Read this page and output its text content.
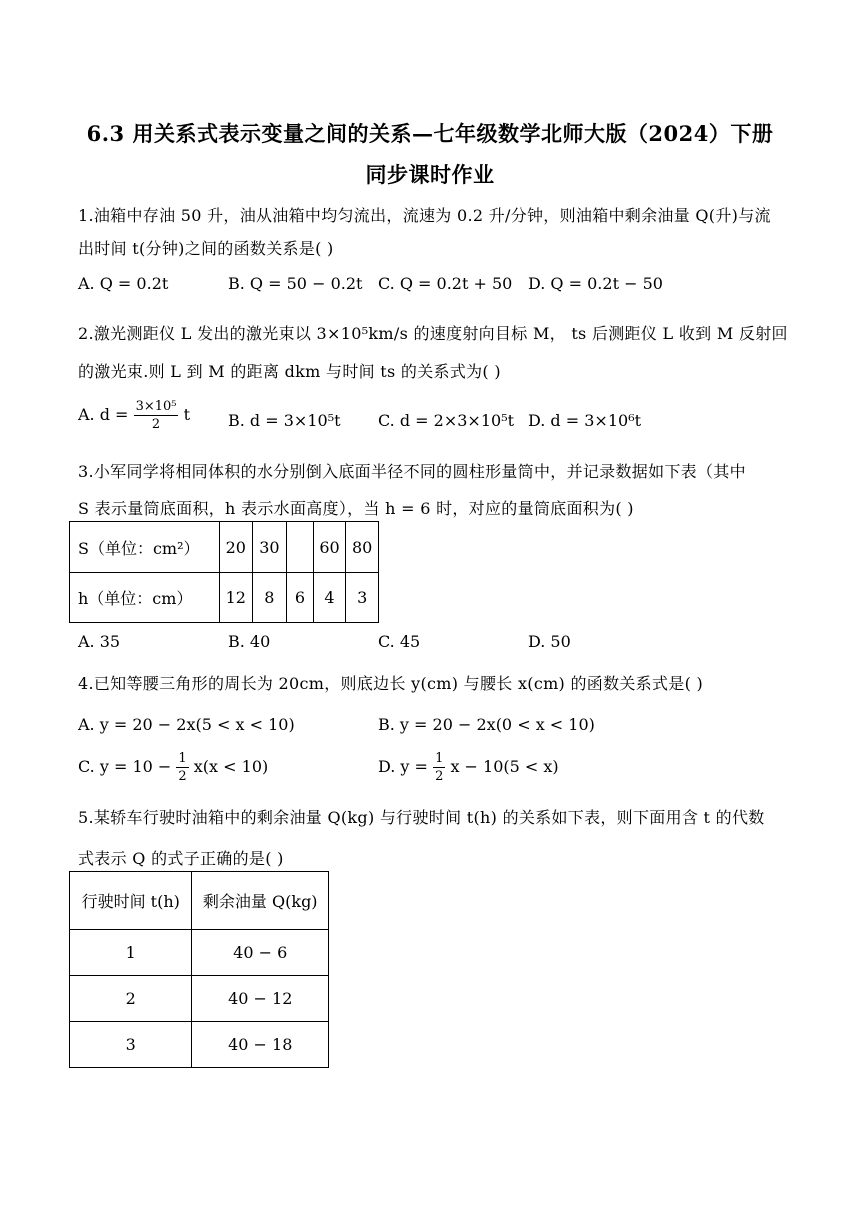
6.3 用关系式表示变量之间的关系—七年级数学北师大版（2024）下册
同步课时作业
1.油箱中存油 50 升，油从油箱中均匀流出，流速为 0.2 升/分钟，则油箱中剩余油量 Q(升)与流
出时间 t(分钟)之间的函数关系是( )
A. Q = 0.2t	B. Q = 50 − 0.2t C. Q = 0.2t + 50 D. Q = 0.2t − 50
2.激光测距仪 L 发出的激光束以 3×10⁵km/s 的速度射向目标 M， ts 后测距仪 L 收到 M 反射回
的激光束.则 L 到 M 的距离 dkm 与时间 ts 的关系式为( )
A. $d = \frac{\text{3×10⁵}}{2}$ t B. d = 3×10⁵t C. d = 2×3×10⁵t D. d = 3×10⁶t
3.小军同学将相同体积的水分别倒入底面半径不同的圆柱形量筒中，并记录数据如下表（其中
S 表示量筒底面积，h 表示水面高度），当 h = 6 时，对应的量筒底面积为( )
S（单位：cm²）	20	30		60	80
h（单位：cm）	12	8	6	4	3
A. 35	B. 40	C. 45	D. 50
4.已知等腰三角形的周长为 20cm，则底边长 y(cm) 与腰长 x(cm) 的函数关系式是( )
A. y = 20 − 2x(5 < x < 10)	B. y = 20 − 2x(0 < x < 10)
C. $y = 10 - \frac{1}{2} x(x < 10)$	D. $y = \frac{1}{2}$ x − 10(5 < x)
5.某轿车行驶时油箱中的剩余油量 Q(kg) 与行驶时间 t(h) 的关系如下表，则下面用含 t 的代数
式表示 Q 的式子正确的是( )
行驶时间 t(h)	剩余油量 Q(kg)
1	40 − 6
2	40 − 12
3	40 − 18
